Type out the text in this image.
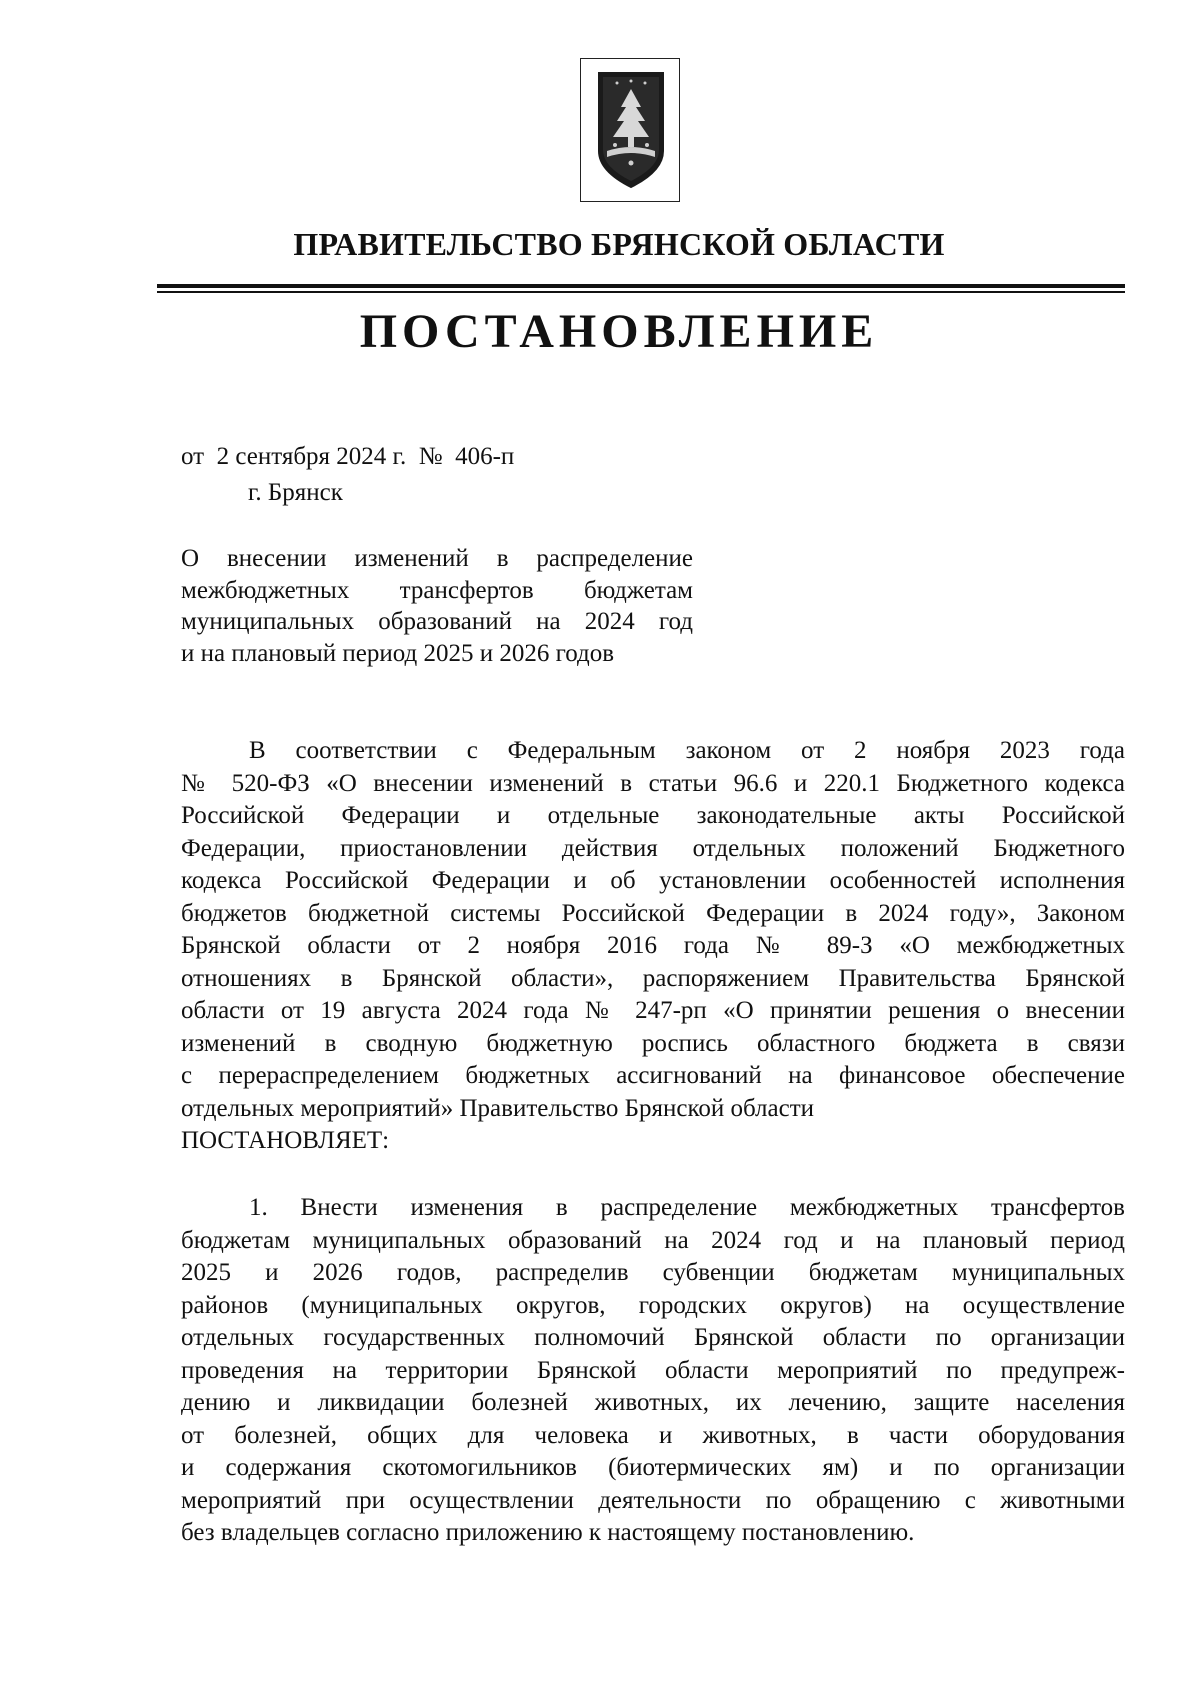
ПРАВИТЕЛЬСТВО БРЯНСКОЙ ОБЛАСТИ
ПОСТАНОВЛЕНИЕ
от  2 сентября 2024 г.  №  406-п
г. Брянск
О внесении изменений в распределение
межбюджетных трансфертов бюджетам
муниципальных образований на 2024 год
и на плановый период 2025 и 2026 годов
В соответствии с Федеральным законом от 2 ноября 2023 года
№ 520-ФЗ «О внесении изменений в статьи 96.6 и 220.1 Бюджетного кодекса
Российской Федерации и отдельные законодательные акты Российской
Федерации, приостановлении действия отдельных положений Бюджетного
кодекса Российской Федерации и об установлении особенностей исполнения
бюджетов бюджетной системы Российской Федерации в 2024 году», Законом
Брянской области от 2 ноября 2016 года № 89-З «О межбюджетных
отношениях в Брянской области», распоряжением Правительства Брянской
области от 19 августа 2024 года № 247-рп «О принятии решения о внесении
изменений в сводную бюджетную роспись областного бюджета в связи
с перераспределением бюджетных ассигнований на финансовое обеспечение
отдельных мероприятий» Правительство Брянской области
ПОСТАНОВЛЯЕТ:
1. Внести изменения в распределение межбюджетных трансфертов
бюджетам муниципальных образований на 2024 год и на плановый период
2025 и 2026 годов, распределив субвенции бюджетам муниципальных
районов (муниципальных округов, городских округов) на осуществление
отдельных государственных полномочий Брянской области по организации
проведения на территории Брянской области мероприятий по предупреж-
дению и ликвидации болезней животных, их лечению, защите населения
от болезней, общих для человека и животных, в части оборудования
и содержания скотомогильников (биотермических ям) и по организации
мероприятий при осуществлении деятельности по обращению с животными
без владельцев согласно приложению к настоящему постановлению.
